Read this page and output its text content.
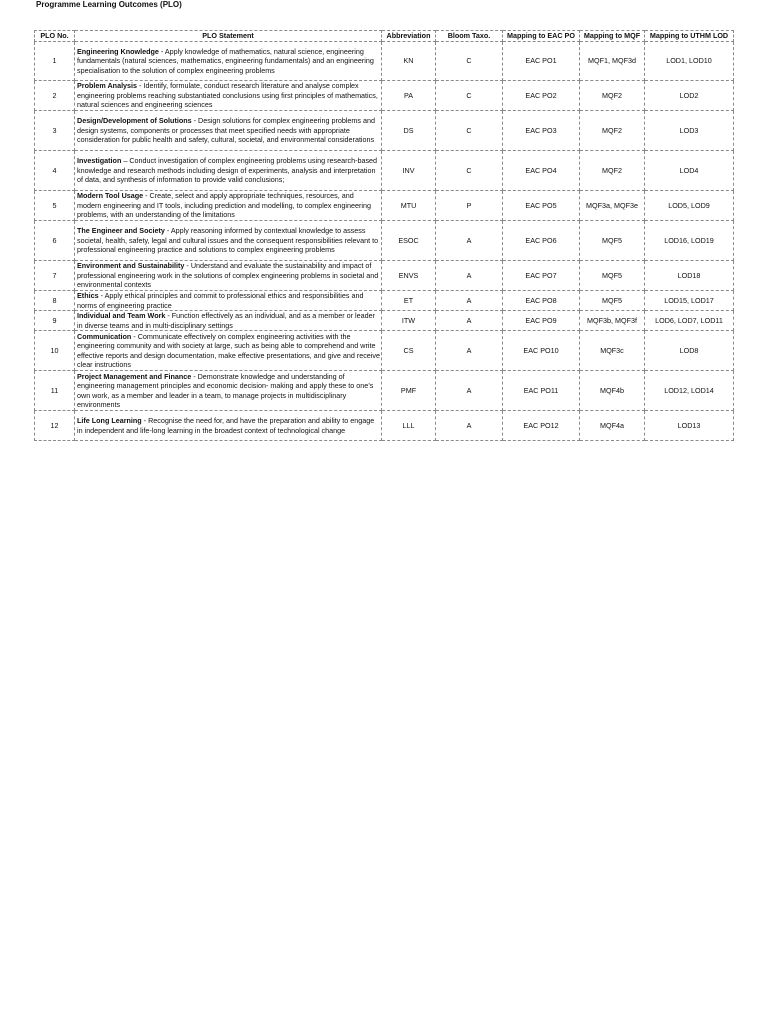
Programme Learning Outcomes (PLO)
PLO No.	PLO Statement	Abbreviation	Bloom Taxo.	Mapping to EAC PO	Mapping to MQF	Mapping to UTHM LOD
1	Engineering Knowledge - Apply knowledge of mathematics, natural science, engineering fundamentals (natural sciences, mathematics, engineering fundamentals) and an engineering specialisation to the solution of complex engineering problems	KN	C	EAC PO1	MQF1, MQF3d	LOD1, LOD10
2	Problem Analysis - Identify, formulate, conduct research literature and analyse complex engineering problems reaching substantiated conclusions using first principles of mathematics, natural sciences and engineering sciences	PA	C	EAC PO2	MQF2	LOD2
3	Design/Development of Solutions - Design solutions for complex engineering problems and design systems, components or processes that meet specified needs with appropriate consideration for public health and safety, cultural, societal, and environmental considerations	DS	C	EAC PO3	MQF2	LOD3
4	Investigation – Conduct investigation of complex engineering problems using research-based knowledge and research methods including design of experiments, analysis and interpretation of data, and synthesis of information to provide valid conclusions;	INV	C	EAC PO4	MQF2	LOD4
5	Modern Tool Usage - Create, select and apply appropriate techniques, resources, and modern engineering and IT tools, including prediction and modelling, to complex engineering problems, with an understanding of the limitations	MTU	P	EAC PO5	MQF3a, MQF3e	LOD5, LOD9
6	The Engineer and Society - Apply reasoning informed by contextual knowledge to assess societal, health, safety, legal and cultural issues and the consequent responsibilities relevant to professional engineering practice and solutions to complex engineering problems	ESOC	A	EAC PO6	MQF5	LOD16, LOD19
7	Environment and Sustainability - Understand and evaluate the sustainability and impact of professional engineering work in the solutions of complex engineering problems in societal and environmental contexts	ENVS	A	EAC PO7	MQF5	LOD18
8	Ethics - Apply ethical principles and commit to professional ethics and responsibilities and norms of engineering practice	ET	A	EAC PO8	MQF5	LOD15, LOD17
9	Individual and Team Work - Function effectively as an individual, and as a member or leader in diverse teams and in multi-disciplinary settings	ITW	A	EAC PO9	MQF3b, MQF3f	LOD6, LOD7, LOD11
10	Communication - Communicate effectively on complex engineering activities with the engineering community and with society at large, such as being able to comprehend and write effective reports and design documentation, make effective presentations, and give and receive clear instructions	CS	A	EAC PO10	MQF3c	LOD8
11	Project Management and Finance - Demonstrate knowledge and understanding of engineering management principles and economic decision- making and apply these to one’s own work, as a member and leader in a team, to manage projects in multidisciplinary environments	PMF	A	EAC PO11	MQF4b	LOD12, LOD14
12	Life Long Learning - Recognise the need for, and have the preparation and ability to engage in independent and life-long learning in the broadest context of technological change	LLL	A	EAC PO12	MQF4a	LOD13
